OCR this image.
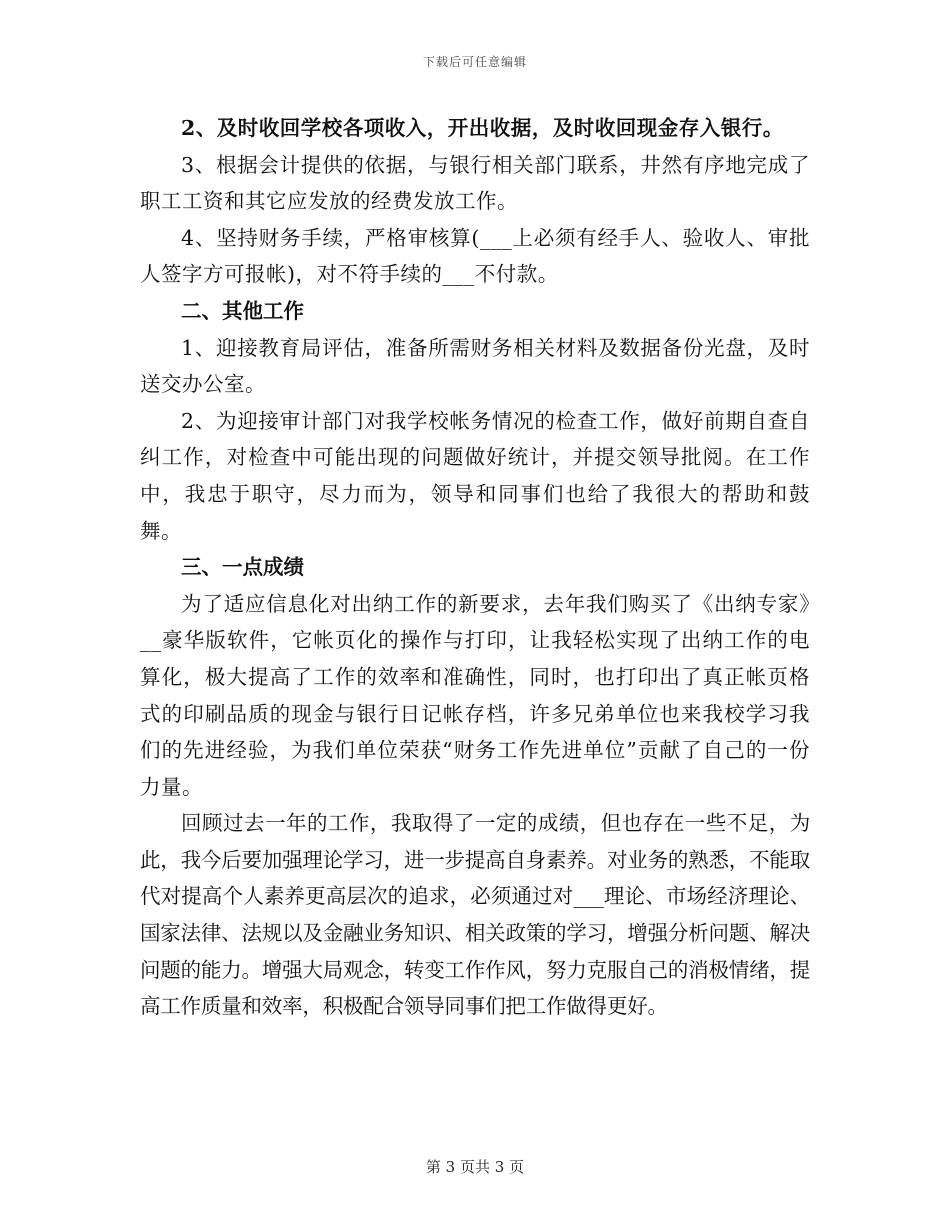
下载后可任意编辑

2、及时收回学校各项收入，开出收据，及时收回现金存入银行。

3、根据会计提供的依据，与银行相关部门联系，井然有序地完成了职工工资和其它应发放的经费发放工作。

4、坚持财务手续，严格审核算(___上必须有经手人、验收人、审批人签字方可报帐)，对不符手续的___不付款。

二、其他工作

1、迎接教育局评估，准备所需财务相关材料及数据备份光盘，及时送交办公室。

2、为迎接审计部门对我学校帐务情况的检查工作，做好前期自查自纠工作，对检查中可能出现的问题做好统计，并提交领导批阅。在工作中，我忠于职守，尽力而为，领导和同事们也给了我很大的帮助和鼓舞。

三、一点成绩

为了适应信息化对出纳工作的新要求，去年我们购买了《出纳专家》__豪华版软件，它帐页化的操作与打印，让我轻松实现了出纳工作的电算化，极大提高了工作的效率和准确性，同时，也打印出了真正帐页格式的印刷品质的现金与银行日记帐存档，许多兄弟单位也来我校学习我们的先进经验，为我们单位荣获“财务工作先进单位”贡献了自己的一份力量。

回顾过去一年的工作，我取得了一定的成绩，但也存在一些不足，为此，我今后要加强理论学习，进一步提高自身素养。对业务的熟悉，不能取代对提高个人素养更高层次的追求，必须通过对___理论、市场经济理论、国家法律、法规以及金融业务知识、相关政策的学习，增强分析问题、解决问题的能力。增强大局观念，转变工作作风，努力克服自己的消极情绪，提高工作质量和效率，积极配合领导同事们把工作做得更好。

第 3 页共 3 页
